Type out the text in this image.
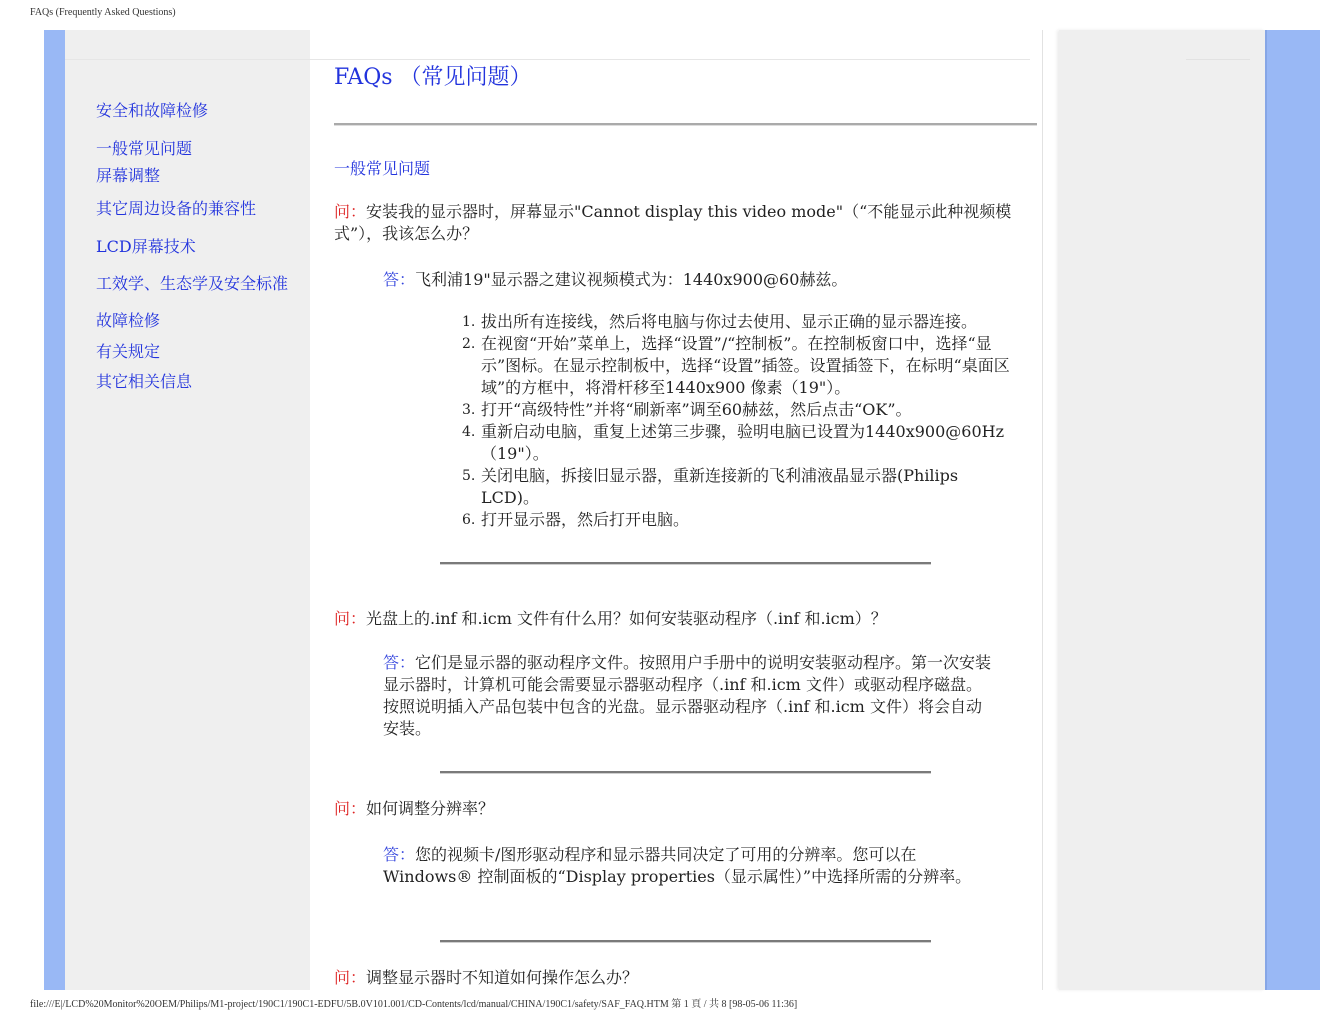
FAQs (Frequently Asked Questions)
安全和故障检修
一般常见问题
屏幕调整
其它周边设备的兼容性
LCD屏幕技术
工效学、生态学及安全标准
故障检修
有关规定
其它相关信息
FAQs （常见问题）
一般常见问题
问：安装我的显示器时，屏幕显示"Cannot display this video mode"（“不能显示此种视频模式”），我该怎么办？
答：飞利浦19"显示器之建议视频模式为：1440x900@60赫兹。
1. 拔出所有连接线，然后将电脑与你过去使用、显示正确的显示器连接。
2. 在视窗“开始”菜单上，选择“设置”/“控制板”。在控制板窗口中，选择“显示”图标。在显示控制板中，选择“设置”插签。设置插签下，在标明“桌面区域”的方框中，将滑杆移至1440x900 像素（19"）。
3. 打开“高级特性”并将“刷新率”调至60赫兹，然后点击“OK”。
4. 重新启动电脑，重复上述第三步骤，验明电脑已设置为1440x900@60Hz（19"）。
5. 关闭电脑，拆接旧显示器，重新连接新的飞利浦液晶显示器(Philips LCD)。
6. 打开显示器，然后打开电脑。
问：光盘上的.inf 和.icm 文件有什么用？如何安装驱动程序（.inf 和.icm）？
答：它们是显示器的驱动程序文件。按照用户手册中的说明安装驱动程序。第一次安装显示器时，计算机可能会需要显示器驱动程序（.inf 和.icm 文件）或驱动程序磁盘。按照说明插入产品包装中包含的光盘。显示器驱动程序（.inf 和.icm 文件）将会自动安装。
问：如何调整分辨率？
答：您的视频卡/图形驱动程序和显示器共同决定了可用的分辨率。您可以在Windows® 控制面板的“Display properties（显示属性）”中选择所需的分辨率。
问：调整显示器时不知道如何操作怎么办？
file:///E|/LCD%20Monitor%20OEM/Philips/M1-project/190C1/190C1-EDFU/5B.0V101.001/CD-Contents/lcd/manual/CHINA/190C1/safety/SAF_FAQ.HTM 第 1 頁 / 共 8 [98-05-06 11:36]
